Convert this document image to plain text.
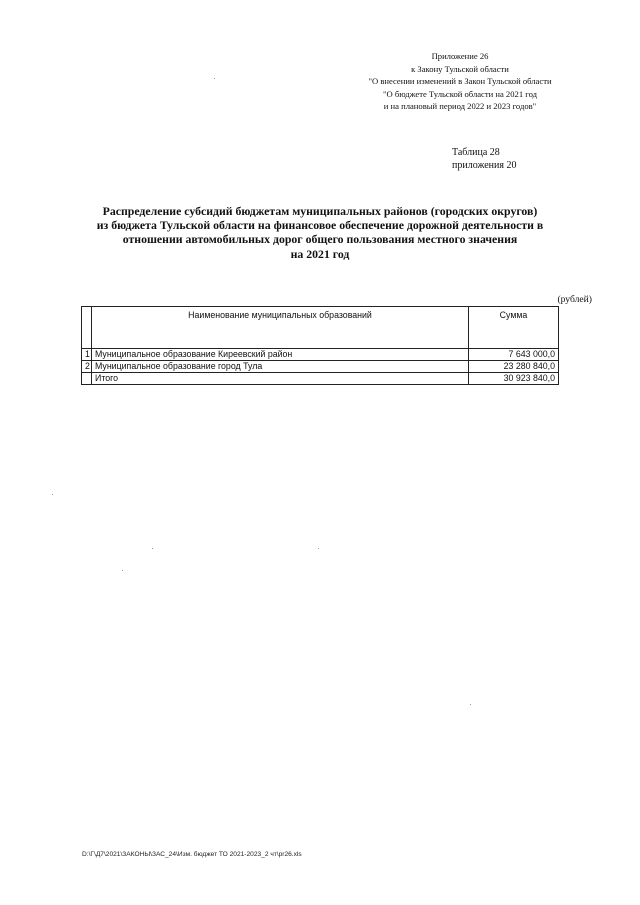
Приложение 26
к Закону Тульской области
"О внесении изменений в Закон Тульской области
"О бюджете Тульской области на 2021 год
и на плановый период 2022 и 2023 годов"
Таблица 28
приложения 20
Распределение субсидий бюджетам муниципальных районов (городских округов)
из бюджета Тульской области на финансовое обеспечение дорожной деятельности в
отношении автомобильных дорог общего пользования местного значения
на 2021 год
(рублей)
	Наименование муниципальных образований	Сумма
1	Муниципальное образование Киреевский район	7 643 000,0
2	Муниципальное образование город Тула	23 280 840,0
	Итого	30 923 840,0
D:\Г\Д7\2021\ЗАКОНЫ\ЗАС_24\Изм. бюджет ТО 2021-2023_2 чт\pr26.xls
